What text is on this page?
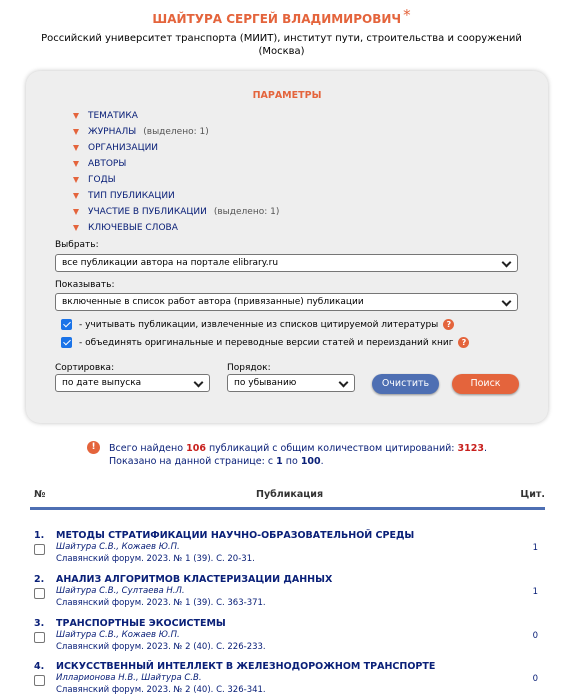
ШАЙТУРА СЕРГЕЙ ВЛАДИМИРОВИЧ *
Российский университет транспорта (МИИТ), институт пути, строительства и сооружений
(Москва)
ПАРАМЕТРЫ
ТЕМАТИКА
ЖУРНАЛЫ (выделено: 1)
ОРГАНИЗАЦИИ
АВТОРЫ
ГОДЫ
ТИП ПУБЛИКАЦИИ
УЧАСТИЕ В ПУБЛИКАЦИИ (выделено: 1)
КЛЮЧЕВЫЕ СЛОВА
Выбрать:
все публикации автора на портале elibrary.ru
Показывать:
включенные в список работ автора (привязанные) публикации
- учитывать публикации, извлеченные из списков цитируемой литературы	?
- объединять оригинальные и переводные версии статей и переизданий книг	?
Сортировка:
по дате выпуска
Порядок:
по убыванию	Очистить	Поиск
!	Всего найдено 106 публикаций с общим количеством цитирований: 3123.
Показано на данной странице: с 1 по 100.
№	Публикация	Цит.
1. МЕТОДЫ СТРАТИФИКАЦИИ НАУЧНО-ОБРАЗОВАТЕЛЬНОЙ СРЕДЫ
Шайтура С.В., Кожаев Ю.П.
Славянский форум. 2023. № 1 (39). С. 20-31.
1
2. АНАЛИЗ АЛГОРИТМОВ КЛАСТЕРИЗАЦИИ ДАННЫХ
Шайтура С.В., Султаева Н.Л.
Славянский форум. 2023. № 1 (39). С. 363-371.
1
3. ТРАНСПОРТНЫЕ ЭКОСИСТЕМЫ
Шайтура С.В., Кожаев Ю.П.
Славянский форум. 2023. № 2 (40). С. 226-233.
0
4. ИСКУССТВЕННЫЙ ИНТЕЛЛЕКТ В ЖЕЛЕЗНОДОРОЖНОМ ТРАНСПОРТЕ
Илларионова Н.В., Шайтура С.В.
Славянский форум. 2023. № 2 (40). С. 326-341.
0
